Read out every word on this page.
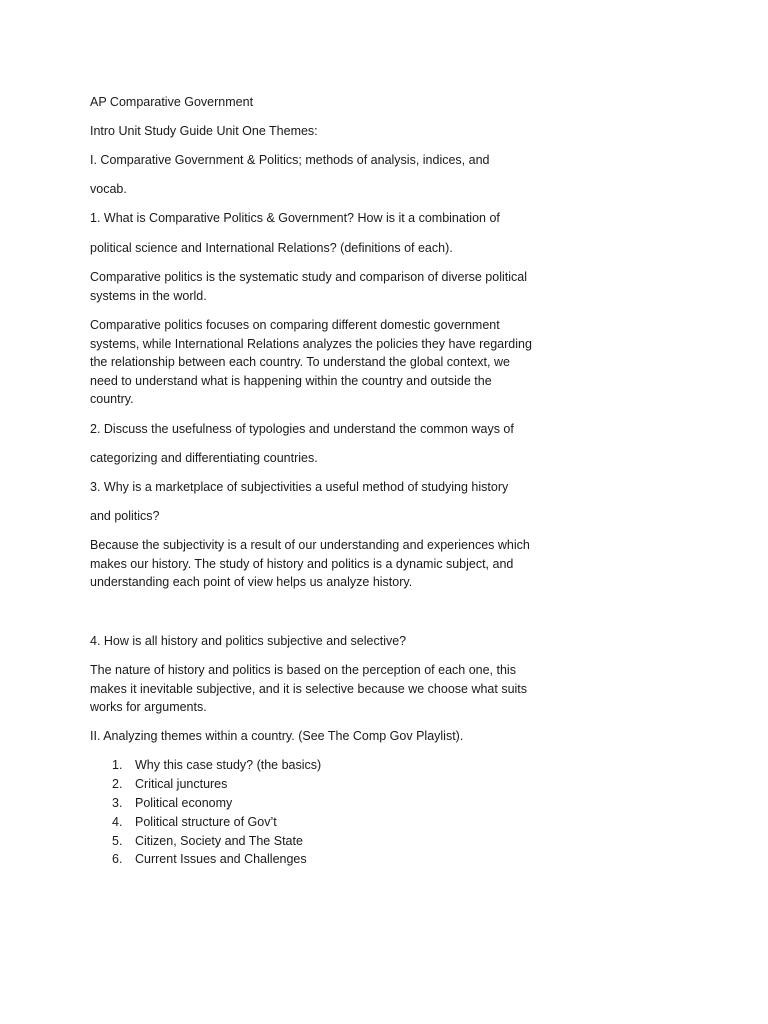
AP Comparative Government
Intro Unit Study Guide Unit One Themes:
I. Comparative Government & Politics; methods of analysis, indices, and
vocab.
1. What is Comparative Politics & Government? How is it a combination of
political science and International Relations? (definitions of each).
Comparative politics is the systematic study and comparison of diverse political
systems in the world.
Comparative politics focuses on comparing different domestic government
systems, while International Relations analyzes the policies they have regarding
the relationship between each country. To understand the global context, we
need to understand what is happening within the country and outside the
country.
2. Discuss the usefulness of typologies and understand the common ways of
categorizing and differentiating countries.
3. Why is a marketplace of subjectivities a useful method of studying history
and politics?
Because the subjectivity is a result of our understanding and experiences which
makes our history. The study of history and politics is a dynamic subject, and
understanding each point of view helps us analyze history.
4. How is all history and politics subjective and selective?
The nature of history and politics is based on the perception of each one, this
makes it inevitable subjective, and it is selective because we choose what suits
works for arguments.
II. Analyzing themes within a country. (See The Comp Gov Playlist).
1. Why this case study? (the basics)
2. Critical junctures
3. Political economy
4. Political structure of Gov’t
5. Citizen, Society and The State
6. Current Issues and Challenges
